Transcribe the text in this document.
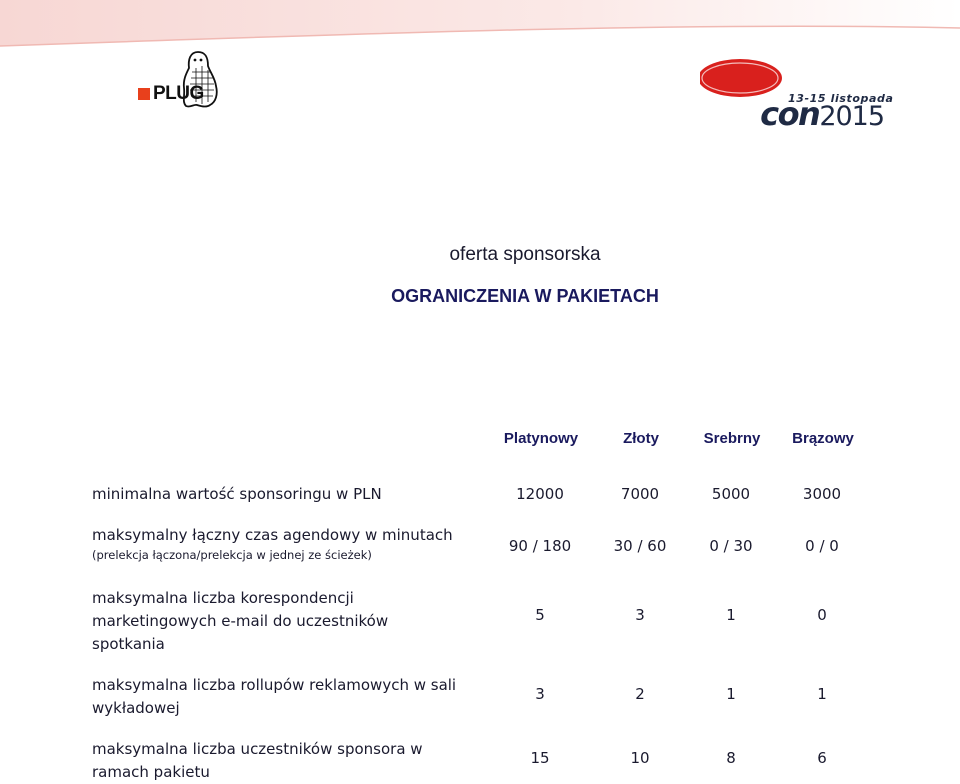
PLUG
phpcon2015
13-15 listopada
oferta sponsorska
OGRANICZENIA W PAKIETACH
Platynowy	Złoty	Srebrny	Brązowy
minimalna wartość sponsoringu w PLN	12000	7000	5000	3000
maksymalny łączny czas agendowy w minutach
(prelekcja łączona/prelekcja w jednej ze ścieżek)	90 / 180	30 / 60	0 / 30	0 / 0
maksymalna liczba korespondencji
marketingowych e-mail do uczestników
spotkania
5	3	1	0
maksymalna liczba rollupów reklamowych w sali
wykładowej
3	2	1	1
maksymalna liczba uczestników sponsora w
ramach pakietu
15	10	8	6
